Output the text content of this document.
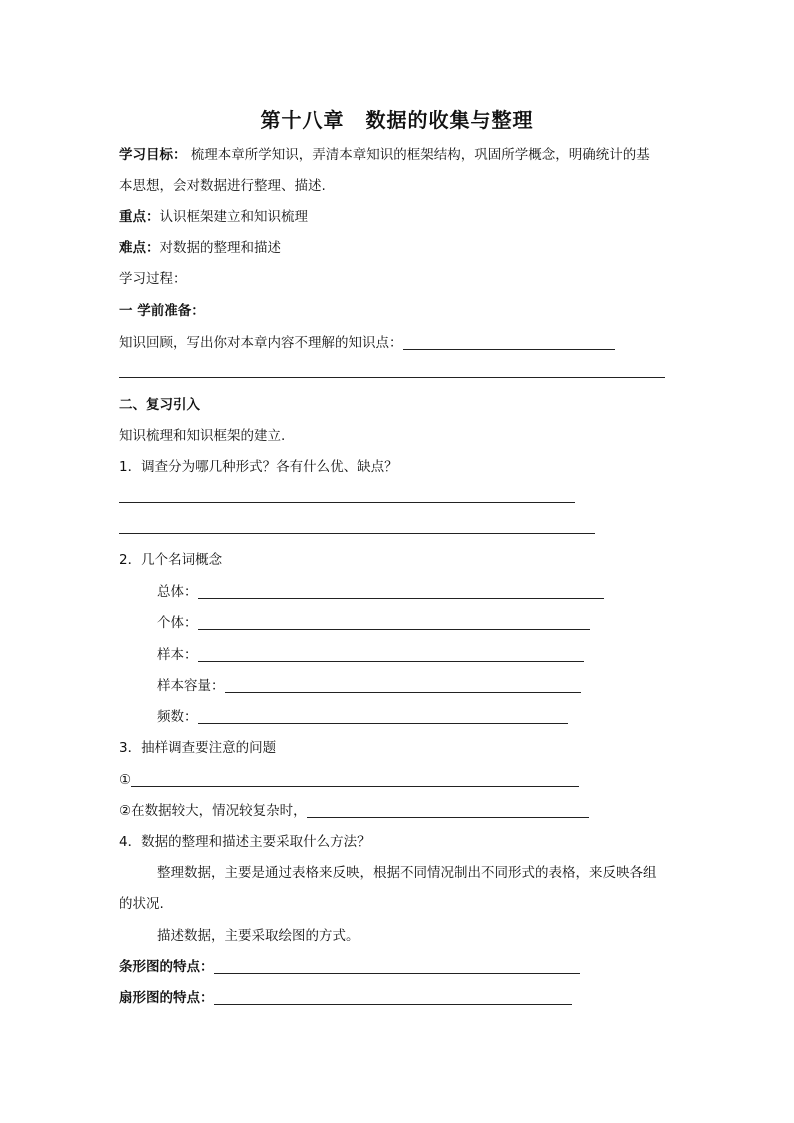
第十八章　数据的收集与整理
学习目标： 梳理本章所学知识，弄清本章知识的框架结构，巩固所学概念，明确统计的基
本思想，会对数据进行整理、描述.
重点：认识框架建立和知识梳理
难点：对数据的整理和描述
学习过程：
一 学前准备：
知识回顾，写出你对本章内容不理解的知识点：
二、复习引入
知识梳理和知识框架的建立.
1．调查分为哪几种形式？各有什么优、缺点？
2．几个名词概念
总体：
个体：
样本：
样本容量：
频数：
3．抽样调查要注意的问题
①
②在数据较大，情况较复杂时，
4．数据的整理和描述主要采取什么方法？
整理数据，主要是通过表格来反映，根据不同情况制出不同形式的表格，来反映各组
的状况.
描述数据，主要采取绘图的方式。
条形图的特点：
扇形图的特点：
